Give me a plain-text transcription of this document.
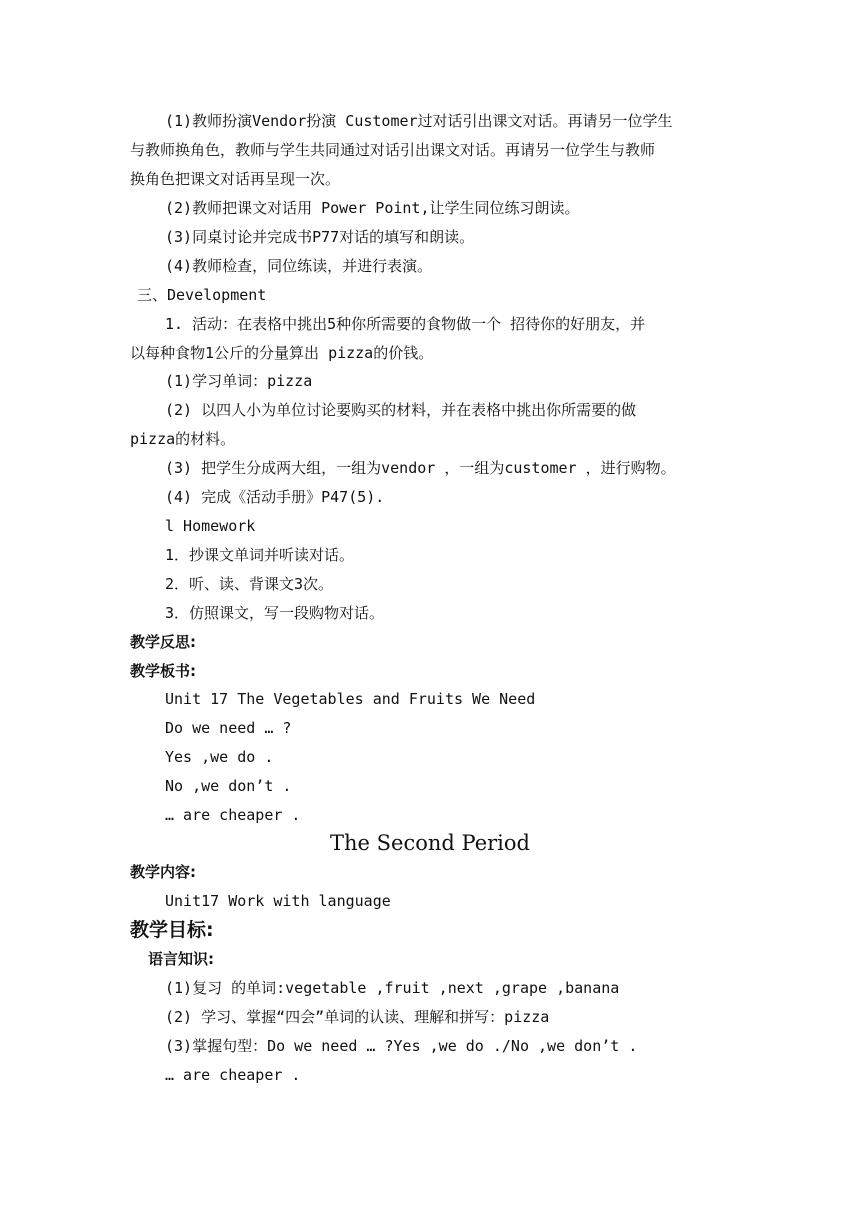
(1)教师扮演Vendor扮演 Customer过对话引出课文对话。再请另一位学生
与教师换角色，教师与学生共同通过对话引出课文对话。再请另一位学生与教师
换角色把课文对话再呈现一次。
(2)教师把课文对话用 Power Point,让学生同位练习朗读。
(3)同桌讨论并完成书P77对话的填写和朗读。
(4)教师检查，同位练读，并进行表演。
三、Development
1. 活动：在表格中挑出5种你所需要的食物做一个 招待你的好朋友，并
以每种食物1公斤的分量算出 pizza的价钱。
(1)学习单词：pizza
(2) 以四人小为单位讨论要购买的材料，并在表格中挑出你所需要的做
pizza的材料。
(3) 把学生分成两大组，一组为vendor ，一组为customer ，进行购物。
(4) 完成《活动手册》P47(5).
l Homework
1．抄课文单词并听读对话。
2．听、读、背课文3次。
3．仿照课文，写一段购物对话。
教学反思:
教学板书:
Unit 17 The Vegetables and Fruits We Need
Do we need … ?
Yes ,we do .
No ,we don’t .
… are cheaper .
The Second Period
教学内容:
Unit17 Work with language
教学目标:
语言知识:
(1)复习 的单词:vegetable ,fruit ,next ,grape ,banana
(2) 学习、掌握“四会”单词的认读、理解和拼写：pizza
(3)掌握句型：Do we need … ?Yes ,we do ./No ,we don’t .
… are cheaper .
